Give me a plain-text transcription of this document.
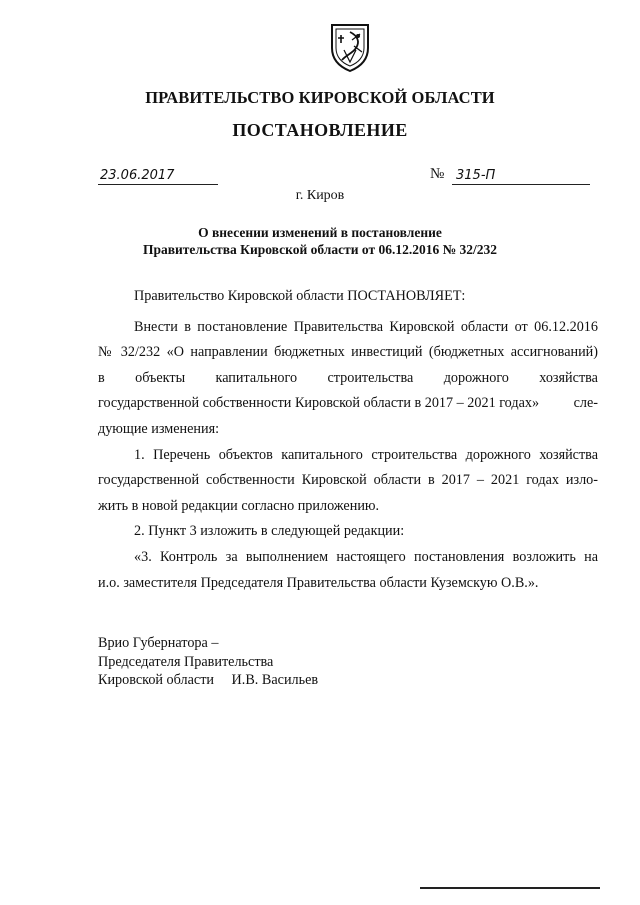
ПРАВИТЕЛЬСТВО КИРОВСКОЙ ОБЛАСТИ
ПОСТАНОВЛЕНИЕ
23.06.2017	№ 315-П
г. Киров
О внесении изменений в постановление
Правительства Кировской области от 06.12.2016 № 32/232

Правительство Кировской области ПОСТАНОВЛЯЕТ:

Внести в постановление Правительства Кировской области от 06.12.2016
№ 32/232 «О направлении бюджетных инвестиций (бюджетных ассигнований)
в объекты капитального строительства дорожного хозяйства
государственной собственности Кировской области в 2017 – 2021 годах» сле-
дующие изменения:
1. Перечень объектов капитального строительства дорожного хозяйства
государственной собственности Кировской области в 2017 – 2021 годах изло-
жить в новой редакции согласно приложению.
2. Пункт 3 изложить в следующей редакции:
«3. Контроль за выполнением настоящего постановления возложить на
и.о. заместителя Председателя Правительства области Куземскую О.В.».
Врио Губернатора –
Председателя Правительства
Кировской области И.В. Васильев
